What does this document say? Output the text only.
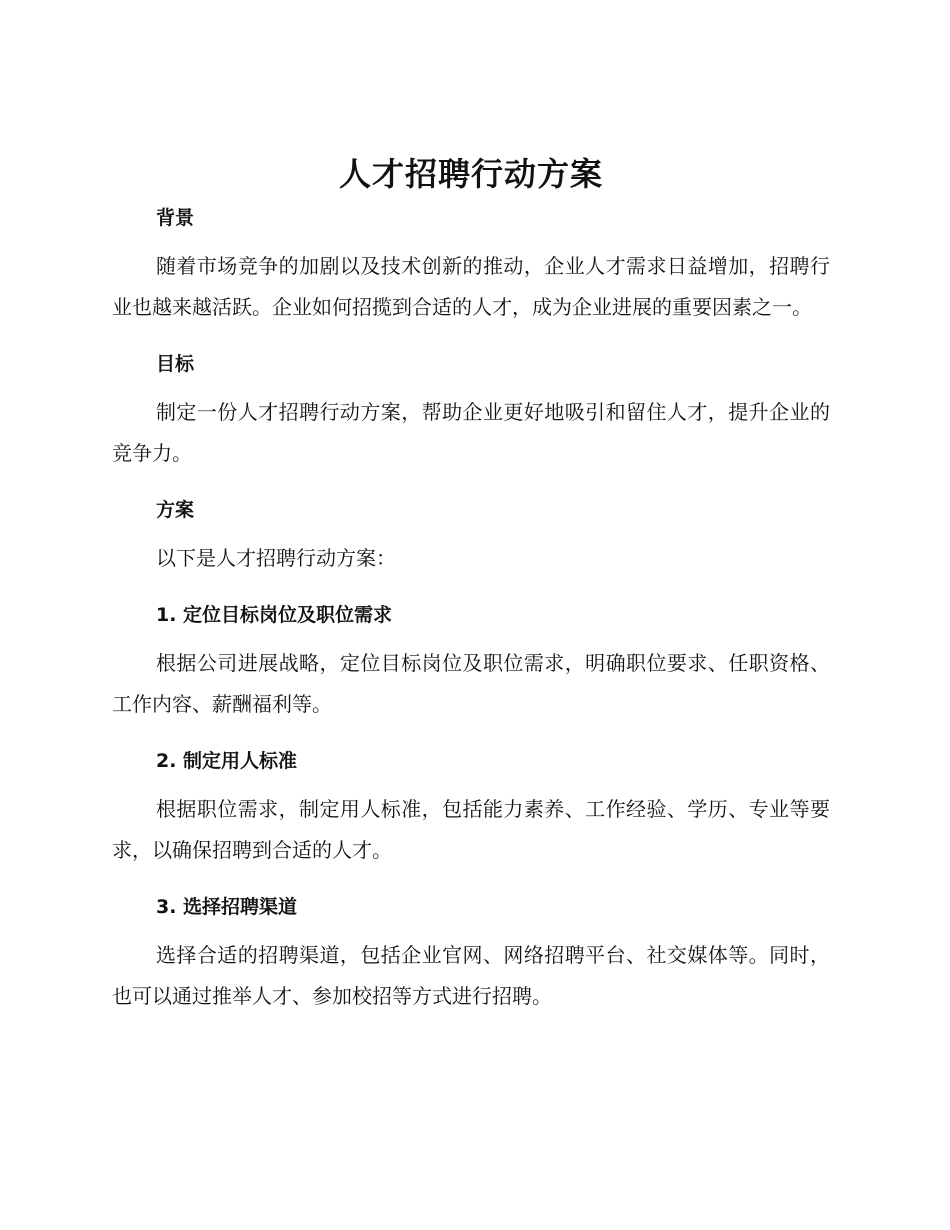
人才招聘行动方案
背景

随着市场竞争的加剧以及技术创新的推动，企业人才需求日益增加，招聘行业也越来越活跃。企业如何招揽到合适的人才，成为企业进展的重要因素之一。

目标

制定一份人才招聘行动方案，帮助企业更好地吸引和留住人才，提升企业的竞争力。

方案

以下是人才招聘行动方案：

1. 定位目标岗位及职位需求

根据公司进展战略，定位目标岗位及职位需求，明确职位要求、任职资格、工作内容、薪酬福利等。

2. 制定用人标准

根据职位需求，制定用人标准，包括能力素养、工作经验、学历、专业等要求，以确保招聘到合适的人才。

3. 选择招聘渠道

选择合适的招聘渠道，包括企业官网、网络招聘平台、社交媒体等。同时，也可以通过推举人才、参加校招等方式进行招聘。
